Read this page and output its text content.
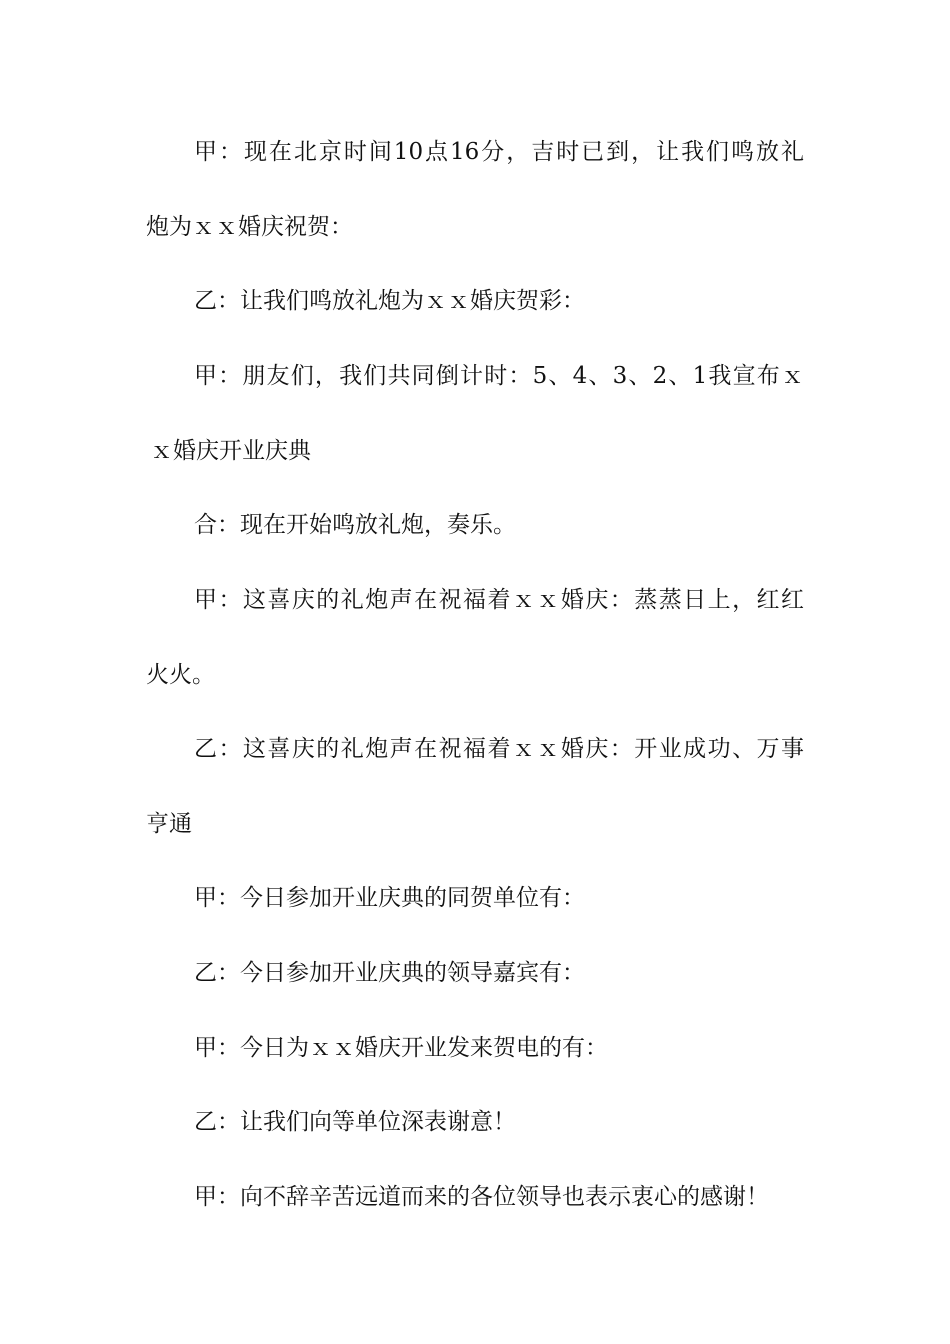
甲：现在北京时间10点16分，吉时已到，让我们鸣放礼
炮为ｘｘ婚庆祝贺：
乙：让我们鸣放礼炮为ｘｘ婚庆贺彩：
甲：朋友们，我们共同倒计时：5、4、3、2、1我宣布ｘ
ｘ婚庆开业庆典
合：现在开始鸣放礼炮，奏乐。
甲：这喜庆的礼炮声在祝福着ｘｘ婚庆：蒸蒸日上，红红
火火。
乙：这喜庆的礼炮声在祝福着ｘｘ婚庆：开业成功、万事
亨通
甲：今日参加开业庆典的同贺单位有：
乙：今日参加开业庆典的领导嘉宾有：
甲：今日为ｘｘ婚庆开业发来贺电的有：
乙：让我们向等单位深表谢意！
甲：向不辞辛苦远道而来的各位领导也表示衷心的感谢！
